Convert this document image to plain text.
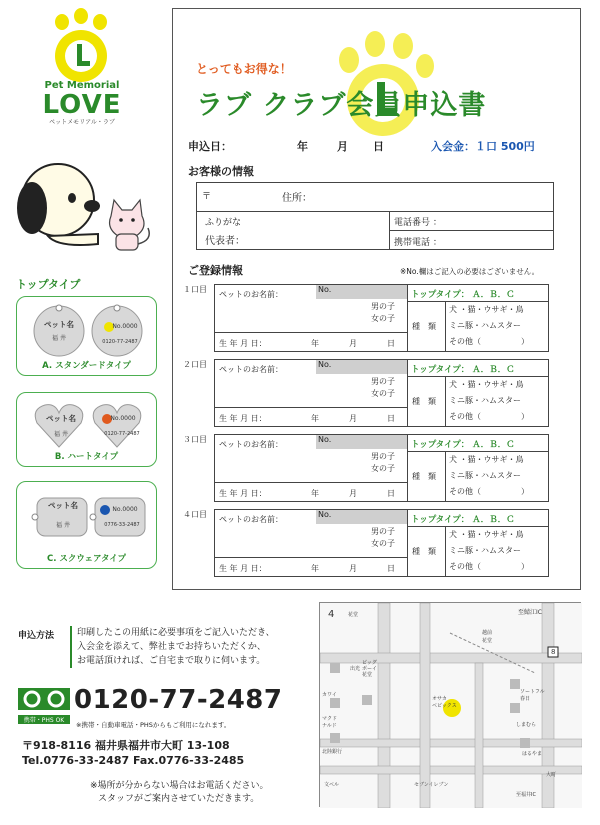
Pet Memorial
LOVE
ペットメモリアル・ラブ
トップタイプ
ペット名
福 井
No.0000
0120-77-2487
A. スタンダードタイプ
ペット名
福 井
No.0000
0120-77-2487
B. ハートタイプ
ペット名
福 井
No.0000
0776-33-2487
C. スクウェアタイプ
とってもお得な！
ラブ クラブ会員申込書
申込日：	年	月 日	入会金：１口 500円
お客様の情報
〒	住所：
ふりがな
代表者：
電話番号 ：
携帯電話 ：
ご登録情報	※No.欄はご記入の必要はございません。
１口目	No.
ペットのお名前：
男の子
女の子
生 年 月 日：	年	月	日
トップタイプ： Ａ．Ｂ．Ｃ
種　類
犬 ・猫・ウサギ・鳥
ミニ豚・ハムスター
その他（　　　　　）
２口目	No.
ペットのお名前：
男の子
女の子
生 年 月 日：	年	月	日
トップタイプ： Ａ．Ｂ．Ｃ
種　類
犬 ・猫・ウサギ・鳥
ミニ豚・ハムスター
その他（　　　　　）
３口目	No.
ペットのお名前：
男の子
女の子
生 年 月 日：	年	月	日
トップタイプ： Ａ．Ｂ．Ｃ
種　類
犬 ・猫・ウサギ・鳥
ミニ豚・ハムスター
その他（　　　　　）
４口目	No.
ペットのお名前：
男の子
女の子
生 年 月 日：	年	月	日
トップタイプ： Ａ．Ｂ．Ｃ
種　類
犬 ・猫・ウサギ・鳥
ミニ豚・ハムスター
その他（　　　　　）
申込方法	印刷したこの用紙に必要事項をご記入いただき、
入会金を添えて、弊社までお持ちいただくか、
お電話頂ければ、ご自宅まで取りに伺います。
携帯・PHS OK
0120-77-2487
※携帯・自動車電話・PHSからもご利用になれます。
〒918-8116 福井県福井市大町 13-108
Tel.0776-33-2487 Fax.0776-33-2485
※場所が分からない場合はお電話ください。
スタッフがご案内させていただきます。
4	花堂	至鯖江IC
越前
花堂
出光
ビッグ
ボーイ
花堂
8
カワイ
オサカ
ベビックス
ソートフル
春日
マクド
ナルド	しまむら
北陸銀行	はるやま
文ベル	セブンイレブン
大町
至福井IC
